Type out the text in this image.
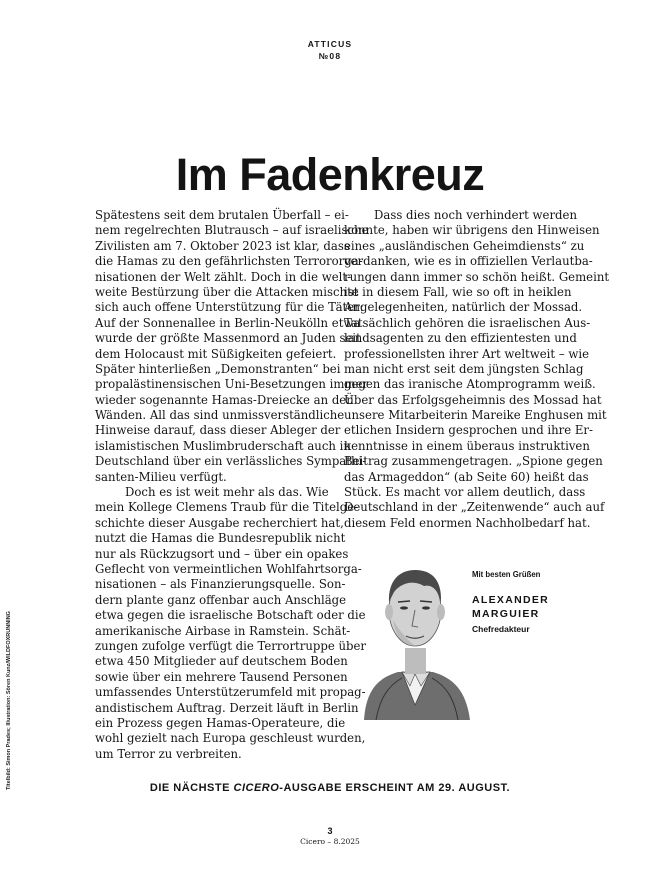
ATTICUS
№08
Im Fadenkreuz
Spätestens seit dem brutalen Überfall – ei-
nem regelrechten Blutrausch – auf israelische
Zivilisten am 7. Oktober 2023 ist klar, dass
die Hamas zu den gefährlichsten Terrororga-
nisationen der Welt zählt. Doch in die welt-
weite Bestürzung über die Attacken mischte
sich auch offene Unterstützung für die Täter:
Auf der Sonnenallee in Berlin-Neukölln etwa
wurde der größte Massenmord an Juden seit
dem Holocaust mit Süßigkeiten gefeiert.
Später hinterließen „Demonstranten“ bei
propalästinensischen Uni-Besetzungen immer
wieder sogenannte Hamas-Dreiecke an den
Wänden. All das sind unmissverständliche
Hinweise darauf, dass dieser Ableger der
islamistischen Muslimbruderschaft auch in
Deutschland über ein verlässliches Sympathi-
santen-Milieu verfügt.
Doch es ist weit mehr als das. Wie
mein Kollege Clemens Traub für die Titelge-
schichte dieser Ausgabe recherchiert hat,
nutzt die Hamas die Bundesrepublik nicht
nur als Rückzugsort und – über ein opakes
Geflecht von vermeintlichen Wohlfahrtsorga-
nisationen – als Finanzierungsquelle. Son-
dern plante ganz offenbar auch Anschläge
etwa gegen die israelische Botschaft oder die
amerikanische Airbase in Ramstein. Schät-
zungen zufolge verfügt die Terrortruppe über
etwa 450 Mitglieder auf deutschem Boden
sowie über ein mehrere Tausend Personen
umfassendes Unterstützerumfeld mit propag-
andistischem Auftrag. Derzeit läuft in Berlin
ein Prozess gegen Hamas-Operateure, die
wohl gezielt nach Europa geschleust wurden,
um Terror zu verbreiten.
Dass dies noch verhindert werden
konnte, haben wir übrigens den Hinweisen
eines „ausländischen Geheimdiensts“ zu
verdanken, wie es in offiziellen Verlautba-
rungen dann immer so schön heißt. Gemeint
ist in diesem Fall, wie so oft in heiklen
Angelegenheiten, natürlich der Mossad.
Tatsächlich gehören die israelischen Aus-
landsagenten zu den effizientesten und
professionellsten ihrer Art weltweit – wie
man nicht erst seit dem jüngsten Schlag
gegen das iranische Atomprogramm weiß.
Über das Erfolgsgeheimnis des Mossad hat
unsere Mitarbeiterin Mareike Enghusen mit
etlichen Insidern gesprochen und ihre Er-
kenntnisse in einem überaus instruktiven
Beitrag zusammengetragen. „Spione gegen
das Armageddon“ (ab Seite 60) heißt das
Stück. Es macht vor allem deutlich, dass
Deutschland in der „Zeitenwende“ auch auf
diesem Feld enormen Nachholbedarf hat.
Mit besten Grüßen
ALEXANDER
MARGUIER
Chefredakteur
Titelbild: Simon Prades; Illustration: Sören Kunz/WILDFOXRUNNING	DIE NÄCHSTE CICERO-AUSGABE ERSCHEINT AM 29. AUGUST.
3
Cicero – 8.2025
